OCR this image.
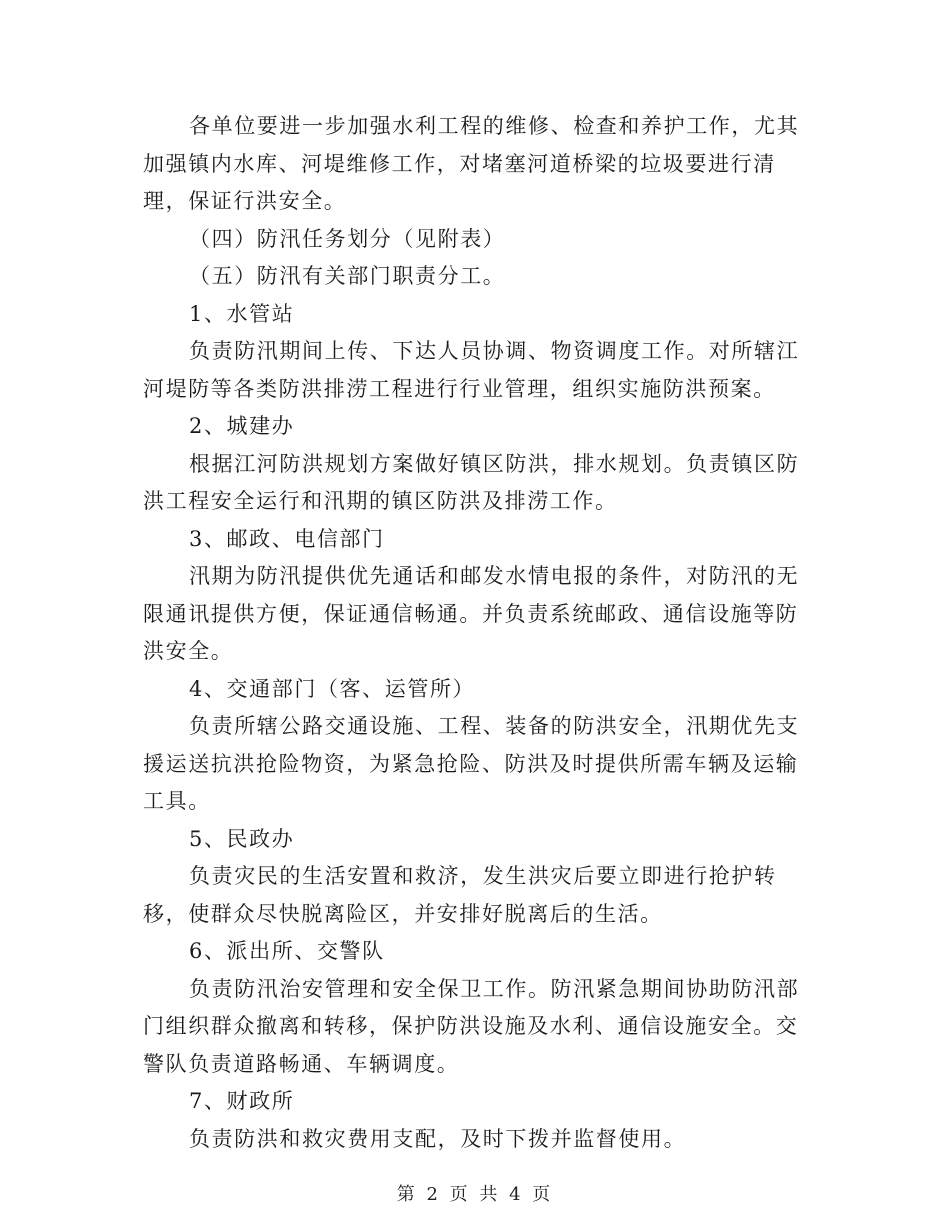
各单位要进一步加强水利工程的维修、检查和养护工作，尤其加强镇内水库、河堤维修工作，对堵塞河道桥梁的垃圾要进行清理，保证行洪安全。

（四）防汛任务划分（见附表）

（五）防汛有关部门职责分工。

1、水管站

负责防汛期间上传、下达人员协调、物资调度工作。对所辖江河堤防等各类防洪排涝工程进行行业管理，组织实施防洪预案。

2、城建办

根据江河防洪规划方案做好镇区防洪，排水规划。负责镇区防洪工程安全运行和汛期的镇区防洪及排涝工作。

3、邮政、电信部门

汛期为防汛提供优先通话和邮发水情电报的条件，对防汛的无限通讯提供方便，保证通信畅通。并负责系统邮政、通信设施等防洪安全。

4、交通部门（客、运管所）

负责所辖公路交通设施、工程、装备的防洪安全，汛期优先支援运送抗洪抢险物资，为紧急抢险、防洪及时提供所需车辆及运输工具。

5、民政办

负责灾民的生活安置和救济，发生洪灾后要立即进行抢护转移，使群众尽快脱离险区，并安排好脱离后的生活。

6、派出所、交警队

负责防汛治安管理和安全保卫工作。防汛紧急期间协助防汛部门组织群众撤离和转移，保护防洪设施及水利、通信设施安全。交警队负责道路畅通、车辆调度。

7、财政所

负责防洪和救灾费用支配，及时下拨并监督使用。

第 2 页 共 4 页
